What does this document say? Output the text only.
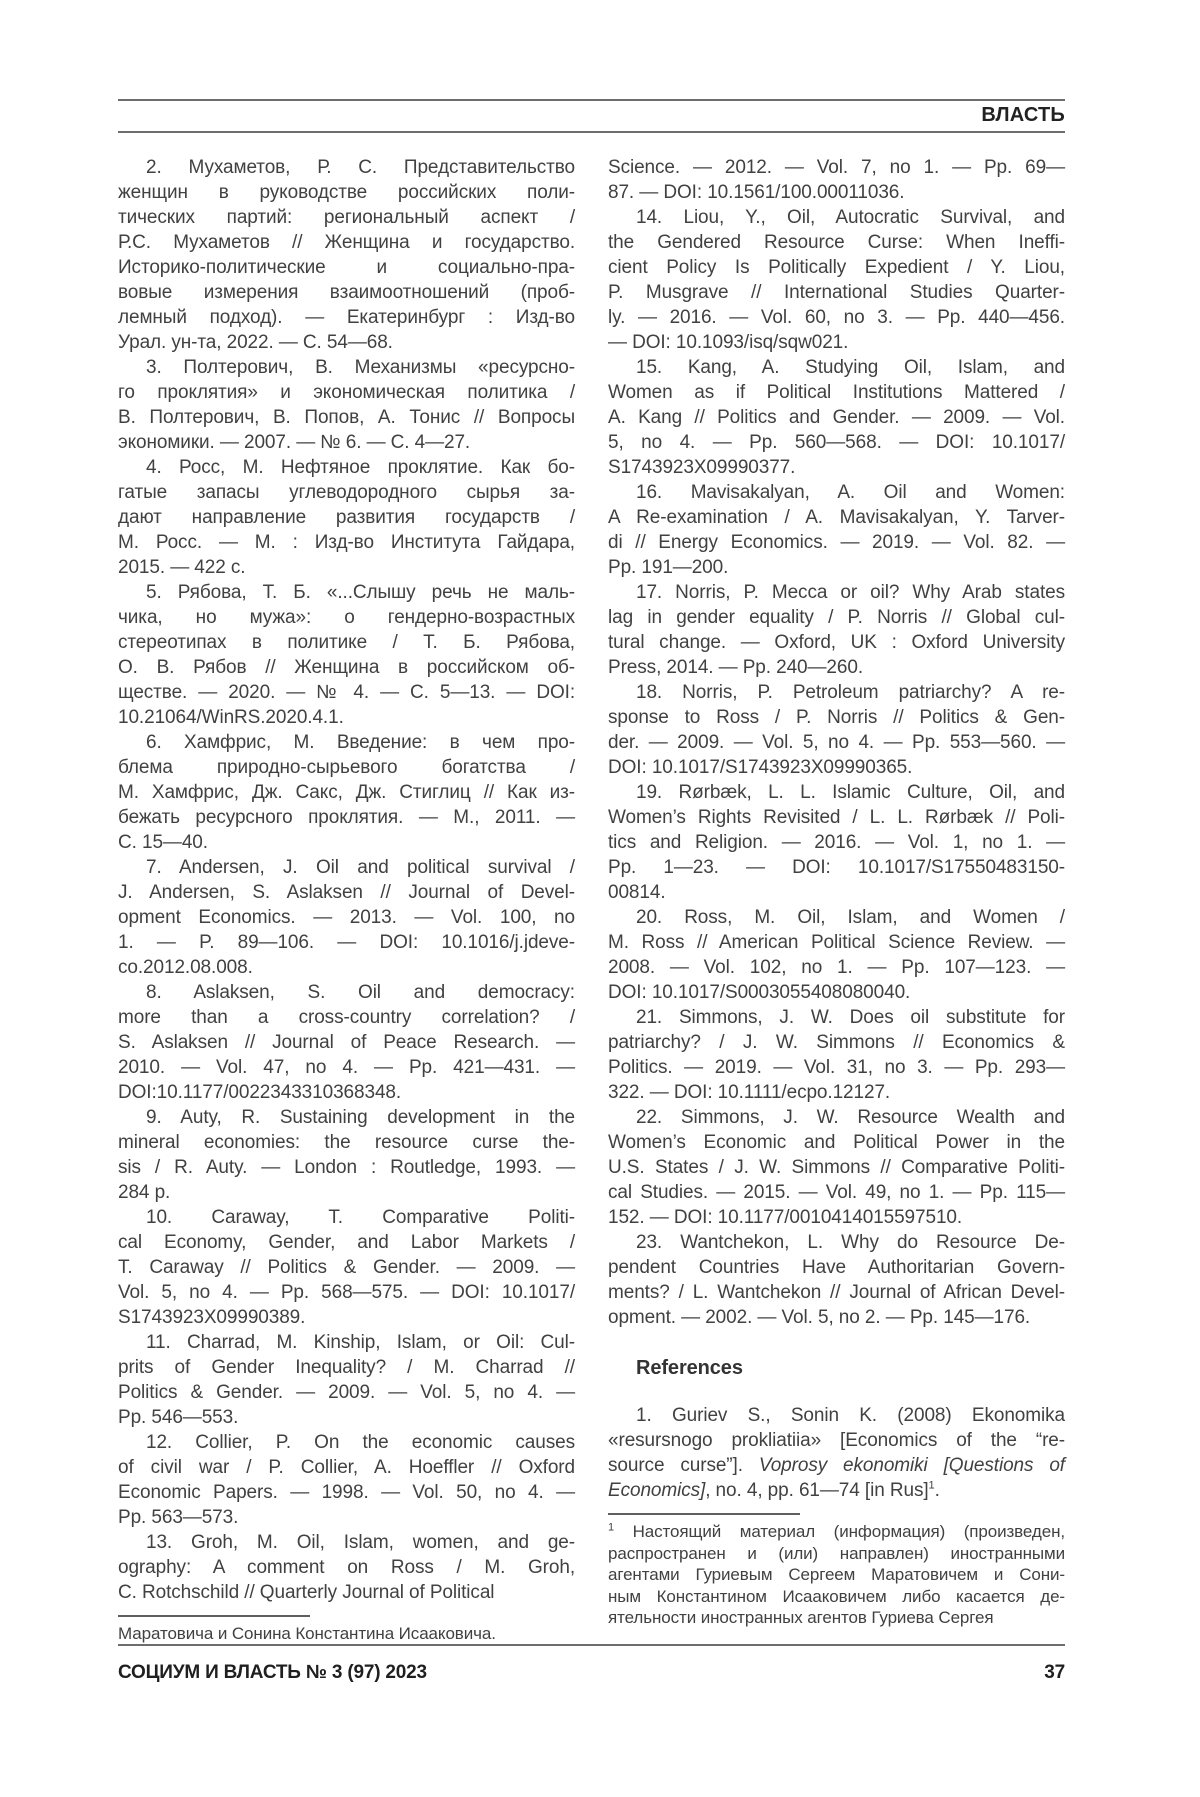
ВЛАСТЬ
2. Мухаметов, Р. С. Представительство
женщин в руководстве российских поли-
тических партий: региональный аспект /
Р.С. Мухаметов // Женщина и государство.
Историко-политические и социально-пра-
вовые измерения взаимоотношений (проб-
лемный подход). — Екатеринбург : Изд-во
Урал. ун-та, 2022. — С. 54—68.
3. Полтерович, В. Механизмы «ресурсно-
го проклятия» и экономическая политика /
В. Полтерович, В. Попов, А. Тонис // Вопросы
экономики. — 2007. — № 6. — С. 4—27.
4. Росс, М. Нефтяное проклятие. Как бо-
гатые запасы углеводородного сырья за-
дают направление развития государств /
М. Росс. — М. : Изд-во Института Гайдара,
2015. — 422 с.
5. Рябова, Т. Б. «...Слышу речь не маль-
чика, но мужа»: о гендерно-возрастных
стереотипах в политике / Т. Б. Рябова,
О. В. Рябов // Женщина в российском об-
ществе. — 2020. — № 4. — С. 5—13. — DOI:
10.21064/WinRS.2020.4.1.
6. Хамфрис, М. Введение: в чем про-
блема природно-сырьевого богатства /
М. Хамфрис, Дж. Сакс, Дж. Стиглиц // Как из-
бежать ресурсного проклятия. — М., 2011. —
С. 15—40.
7. Andersen, J. Oil and political survival /
J. Andersen, S. Aslaksen // Journal of Devel-
opment Economics. — 2013. — Vol. 100, no
1. — P. 89—106. — DOI: 10.1016/j.jdeve-
co.2012.08.008.
8. Aslaksen, S. Oil and democracy:
more than a cross-country correlation? /
S. Aslaksen // Journal of Peace Research. —
2010. — Vol. 47, no 4. — Pp. 421—431. —
DOI:10.1177/0022343310368348.
9. Auty, R. Sustaining development in the
mineral economies: the resource curse the-
sis / R. Auty. — London : Routledge, 1993. —
284 p.
10. Caraway, T. Comparative Politi-
cal Economy, Gender, and Labor Markets /
T. Caraway // Politics & Gender. — 2009. —
Vol. 5, no 4. — Pp. 568—575. — DOI: 10.1017/
S1743923X09990389.
11. Charrad, M. Kinship, Islam, or Oil: Cul-
prits of Gender Inequality? / M. Charrad //
Politics & Gender. — 2009. — Vol. 5, no 4. —
Pp. 546—553.
12. Collier, P. On the economic causes
of civil war / P. Collier, A. Hoeffler // Oxford
Economic Papers. — 1998. — Vol. 50, no 4. —
Pp. 563—573.
13. Groh, M. Oil, Islam, women, and ge-
ography: A comment on Ross / M. Groh,
C. Rotchschild // Quarterly Journal of Political
Маратовича и Сонина Константина Исааковича.
Science. — 2012. — Vol. 7, no 1. — Pp. 69—
87. — DOI: 10.1561/100.00011036.
14. Liou, Y., Oil, Autocratic Survival, and
the Gendered Resource Curse: When Ineffi-
cient Policy Is Politically Expedient / Y. Liou,
P. Musgrave // International Studies Quarter-
ly. — 2016. — Vol. 60, no 3. — Pp. 440—456.
— DOI: 10.1093/isq/sqw021.
15. Kang, A. Studying Oil, Islam, and
Women as if Political Institutions Mattered /
A. Kang // Politics and Gender. — 2009. — Vol.
5, no 4. — Pp. 560—568. — DOI: 10.1017/
S1743923X09990377.
16. Mavisakalyan, A. Oil and Women:
A Re-examination / A. Mavisakalyan, Y. Tarver-
di // Energy Economics. — 2019. — Vol. 82. —
Pp. 191—200.
17. Norris, P. Mecca or oil? Why Arab states
lag in gender equality / P. Norris // Global cul-
tural change. — Oxford, UK : Oxford University
Press, 2014. — Pp. 240—260.
18. Norris, P. Petroleum patriarchy? A re-
sponse to Ross / P. Norris // Politics & Gen-
der. — 2009. — Vol. 5, no 4. — Pp. 553—560. —
DOI: 10.1017/S1743923X09990365.
19. Rørbæk, L. L. Islamic Culture, Oil, and
Women’s Rights Revisited / L. L. Rørbæk // Poli-
tics and Religion. — 2016. — Vol. 1, no 1. —
Pp. 1—23. — DOI: 10.1017/S17550483150-
00814.
20. Ross, M. Oil, Islam, and Women /
M. Ross // American Political Science Review. —
2008. — Vol. 102, no 1. — Pp. 107—123. —
DOI: 10.1017/S0003055408080040.
21. Simmons, J. W. Does oil substitute for
patriarchy? / J. W. Simmons // Economics &
Politics. — 2019. — Vol. 31, no 3. — Pp. 293—
322. — DOI: 10.1111/ecpo.12127.
22. Simmons, J. W. Resource Wealth and
Women’s Economic and Political Power in the
U.S. States / J. W. Simmons // Comparative Politi-
cal Studies. — 2015. — Vol. 49, no 1. — Pp. 115—
152. — DOI: 10.1177/0010414015597510.
23. Wantchekon, L. Why do Resource De-
pendent Countries Have Authoritarian Govern-
ments? / L. Wantchekon // Journal of African Devel-
opment. — 2002. — Vol. 5, no 2. — Pp. 145—176.
References
1. Guriev S., Sonin K. (2008) Ekonomika
«resursnogo prokliatiia» [Economics of the “re-
source curse”]. Voprosy ekonomiki [Questions of
Economics], no. 4, pp. 61—74 [in Rus]$^1$.
$^1$ Настоящий материал (информация) (произведен,
распространен и (или) направлен) иностранными
агентами Гуриевым Сергеем Маратовичем и Сони-
ным Константином Исааковичем либо касается де-
ятельности иностранных агентов Гуриева Сергея
СОЦИУМ И ВЛАСТЬ № 3 (97) 2023	37
